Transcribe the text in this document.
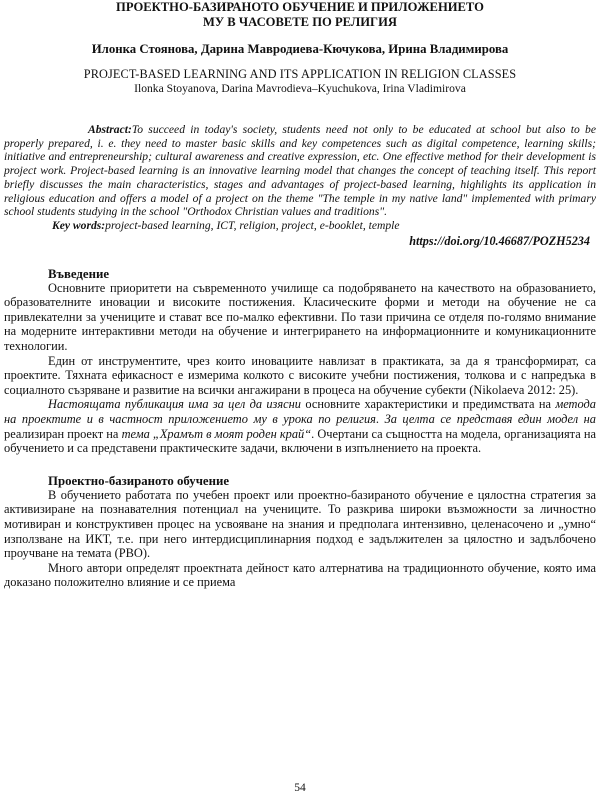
ПРОЕКТНО-БАЗИРАНОТО ОБУЧЕНИЕ И ПРИЛОЖЕНИЕТО
МУ В ЧАСОВЕТЕ ПО РЕЛИГИЯ
Илонка Стоянова, Дарина Мавродиева-Кючукова, Ирина Владимирова
PROJECT-BASED LEARNING AND ITS APPLICATION IN RELIGION CLASSES
Ilonka Stoyanova, Darina Mavrodieva–Kyuchukova, Irina Vladimirova
Abstract:To succeed in today's society, students need not only to be educated at school but also to be properly prepared, i. e. they need to master basic skills and key competences such as digital competence, learning skills; initiative and entrepreneurship; cultural awareness and creative expression, etc. One effective method for their development is project work. Project-based learning is an innovative learning model that changes the concept of teaching itself. This report briefly discusses the main characteristics, stages and advantages of project-based learning, highlights its application in religious education and offers a model of a project on the theme "The temple in my native land" implemented with primary school students studying in the school "Orthodox Christian values and traditions".
Key words:project-based learning, ICT, religion, project, e-booklet, temple
https://doi.org/10.46687/POZH5234
Въведение

Основните приоритети на съвременното училище са подобряването на качеството на образованието, образователните иновации и високите постижения. Класическите форми и методи на обучение не са привлекателни за учениците и стават все по-малко ефективни. По тази причина се отделя по-голямо внимание на модерните интерактивни методи на обучение и интегрирането на информационните и комуникационните технологии.

Един от инструментите, чрез които иновациите навлизат в практиката, за да я трансформират, са проектите. Тяхната ефикасност е измерима колкото с високите учебни постижения, толкова и с напредъка в социалното съзряване и развитие на всички ангажирани в процеса на обучение субекти (Nikolaeva 2012: 25).

Настоящата публикация има за цел да изясни основните характеристики и предимствата на метода на проектите и в частност приложението му в урока по религия. За целта се представя един модел на реализиран проект на тема „Храмът в моят роден край“. Очертани са същността на модела, организацията на обучението и са представени практическите задачи, включени в изпълнението на проекта.

Проектно-базираното обучение

В обучението работата по учебен проект или проектно-базираното обучение е цялостна стратегия за активизиране на познавателния потенциал на учениците. То разкрива широки възможности за личностно мотивиран и конструктивен процес на усвояване на знания и предполага интензивно, целенасочено и „умно“ използване на ИКТ, т.е. при него интердисциплинарния подход е задължителен за цялостно и задълбочено проучване на темата (PBO).

Много автори определят проектната дейност като алтернатива на традиционното обучение, която има доказано положително влияние и се приема

54
